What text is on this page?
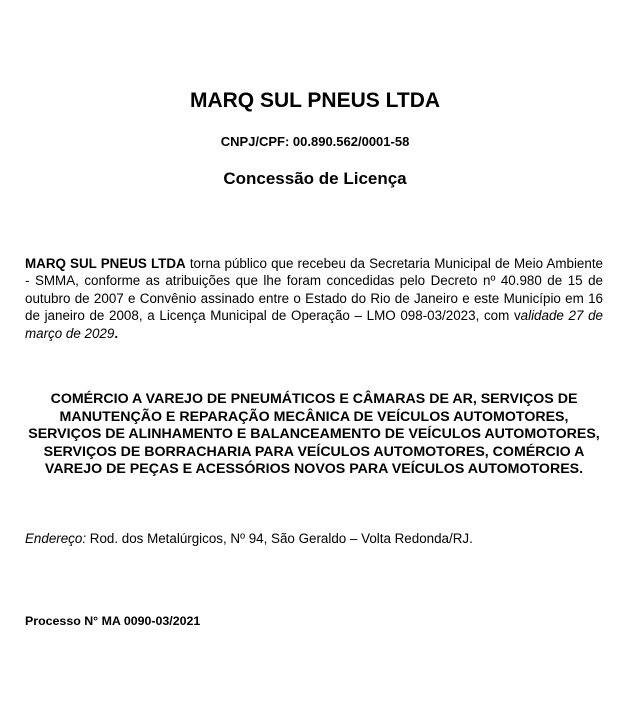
MARQ SUL PNEUS LTDA

CNPJ/CPF: 00.890.562/0001-58

Concessão de Licença

MARQ SUL PNEUS LTDA torna público que recebeu da Secretaria Municipal de Meio Ambiente - SMMA, conforme as atribuições que lhe foram concedidas pelo Decreto nº 40.980 de 15 de outubro de 2007 e Convênio assinado entre o Estado do Rio de Janeiro e este Município em 16 de janeiro de 2008, a Licença Municipal de Operação – LMO 098-03/2023, com validade 27 de março de 2029.

COMÉRCIO A VAREJO DE PNEUMÁTICOS E CÂMARAS DE AR, SERVIÇOS DE MANUTENÇÃO E REPARAÇÃO MECÂNICA DE VEÍCULOS AUTOMOTORES, SERVIÇOS DE ALINHAMENTO E BALANCEAMENTO DE VEÍCULOS AUTOMOTORES, SERVIÇOS DE BORRACHARIA PARA VEÍCULOS AUTOMOTORES, COMÉRCIO A VAREJO DE PEÇAS E ACESSÓRIOS NOVOS PARA VEÍCULOS AUTOMOTORES.

Endereço: Rod. dos Metalúrgicos, Nº 94, São Geraldo – Volta Redonda/RJ.

Processo N° MA 0090-03/2021
